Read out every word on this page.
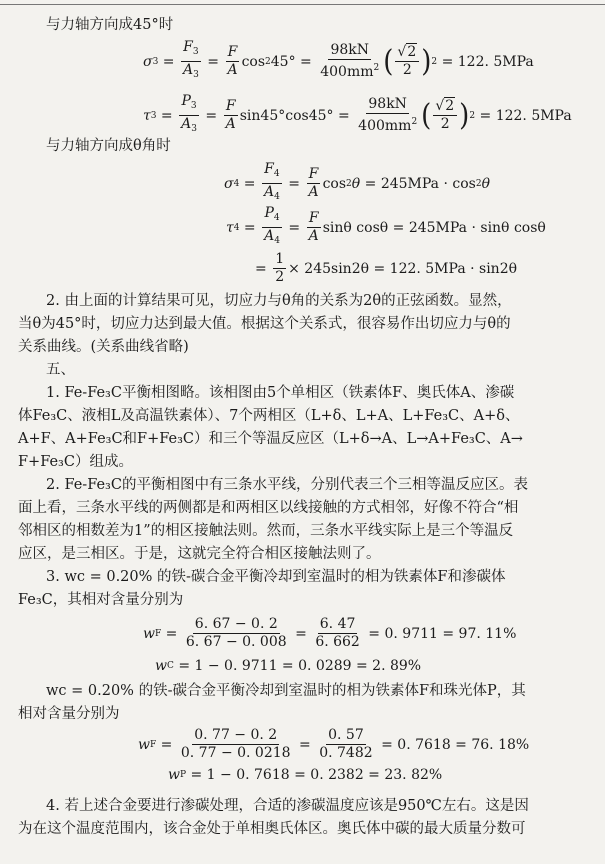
与力轴方向成45°时
σ $3 = \frac{F_3}{A_3} = \frac{F}{A}$ cos 2 $45^\circ = \frac{98kN}{400mm^2}$ ( $\frac{√2}{2}$ ) 2
= 122. 5MPa
τ $3 = \frac{P_3}{A_3} = \frac{F}{A} \sin 45^\circ\cos 45^\circ = \frac{98kN}{400mm^2}$ ( $\frac{√2}{2}$ ) 2
= 122. 5MPa
与力轴方向成θ角时
σ $4 = \frac{F_4}{A_4} = \frac{F}{A}$ cos 2 θ
= 245MPa · cos 2 θ
τ $4 = \frac{P_4}{A_4} = \frac{F}{A}$ sinθ cosθ
= 245MPa · sinθ cosθ
= $\frac{1}{2} \times 245\sin 2\theta = 122$. 5MPa · sin2θ
2. 由上面的计算结果可见，切应力与θ角的关系为2θ的正弦函数。显然，
当θ为45°时，切应力达到最大值。根据这个关系式，很容易作出切应力与θ的
关系曲线。(关系曲线省略)
五、
1. Fe-Fe₃C平衡相图略。该相图由5个单相区（铁素体F、奥氏体A、渗碳
体Fe₃C、液相L及高温铁素体）、7个两相区（L+δ、L+A、L+Fe₃C、A+δ、
A+F、A+Fe₃C和F+Fe₃C）和三个等温反应区（L+δ→A、L→A+Fe₃C、A→
F+Fe₃C）组成。
2. Fe-Fe₃C的平衡相图中有三条水平线，分别代表三个三相等温反应区。表
面上看，三条水平线的两侧都是和两相区以线接触的方式相邻，好像不符合“相
邻相区的相数差为1”的相区接触法则。然而，三条水平线实际上是三个等温反
应区，是三相区。于是，这就完全符合相区接触法则了。
3. wc = 0.20% 的铁-碳合金平衡冷却到室温时的相为铁素体F和渗碳体
Fe₃C，其相对含量分别为
w $F = \frac{6. 67 - 0. 2}{6. 67 - 0. 008} = \frac{6. 47}{6. 662}$
= 0. 9711 = 97. 11%
w C
= 1 − 0. 9711 = 0. 0289 = 2. 89%
wc = 0.20% 的铁-碳合金平衡冷却到室温时的相为铁素体F和珠光体P，其
相对含量分别为
w $F = \frac{0. 77 - 0. 2}{0. 77 - 0. 0218} = \frac{0. 57}{0. 7482}$
= 0. 7618 = 76. 18%
w P
= 1 − 0. 7618 = 0. 2382 = 23. 82%
4. 若上述合金要进行渗碳处理，合适的渗碳温度应该是950℃左右。这是因
为在这个温度范围内，该合金处于单相奥氏体区。奥氏体中碳的最大质量分数可
